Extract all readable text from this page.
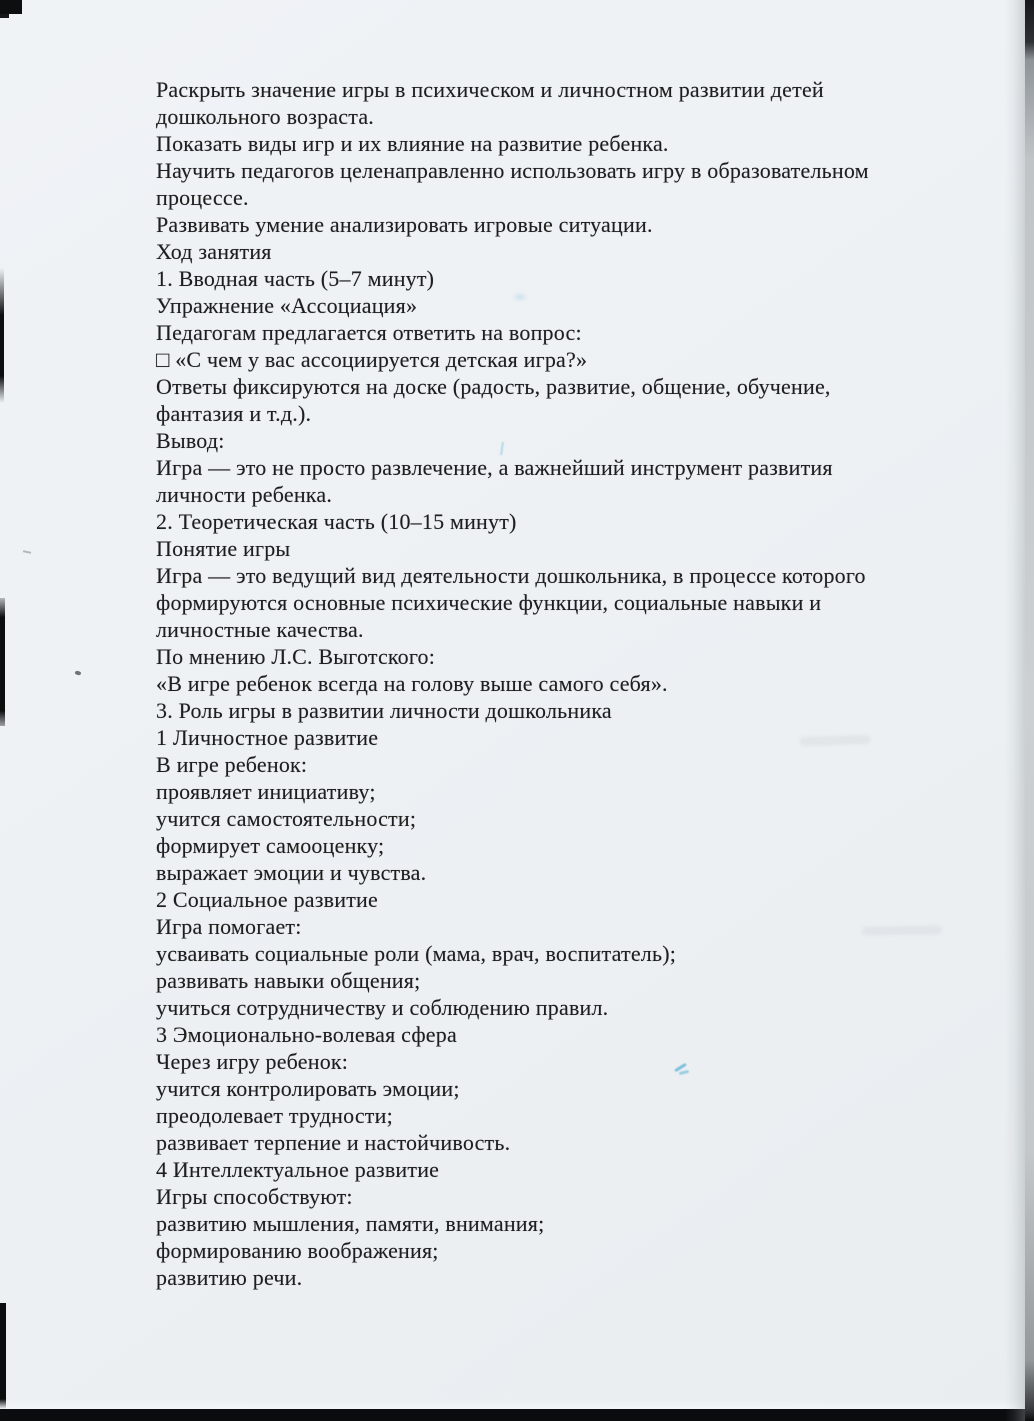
Раскрыть значение игры в психическом и личностном развитии детей
дошкольного возраста.
Показать виды игр и их влияние на развитие ребенка.
Научить педагогов целенаправленно использовать игру в образовательном
процессе.
Развивать умение анализировать игровые ситуации.
Ход занятия
1. Вводная часть (5–7 минут)
Упражнение «Ассоциация»
Педагогам предлагается ответить на вопрос:
□ «С чем у вас ассоциируется детская игра?»
Ответы фиксируются на доске (радость, развитие, общение, обучение,
фантазия и т.д.).
Вывод:
Игра — это не просто развлечение, а важнейший инструмент развития
личности ребенка.
2. Теоретическая часть (10–15 минут)
Понятие игры
Игра — это ведущий вид деятельности дошкольника, в процессе которого
формируются основные психические функции, социальные навыки и
личностные качества.
По мнению Л.С. Выготского:
«В игре ребенок всегда на голову выше самого себя».
3. Роль игры в развитии личности дошкольника
1 Личностное развитие
В игре ребенок:
проявляет инициативу;
учится самостоятельности;
формирует самооценку;
выражает эмоции и чувства.
2 Социальное развитие
Игра помогает:
усваивать социальные роли (мама, врач, воспитатель);
развивать навыки общения;
учиться сотрудничеству и соблюдению правил.
3 Эмоционально-волевая сфера
Через игру ребенок:
учится контролировать эмоции;
преодолевает трудности;
развивает терпение и настойчивость.
4 Интеллектуальное развитие
Игры способствуют:
развитию мышления, памяти, внимания;
формированию воображения;
развитию речи.
